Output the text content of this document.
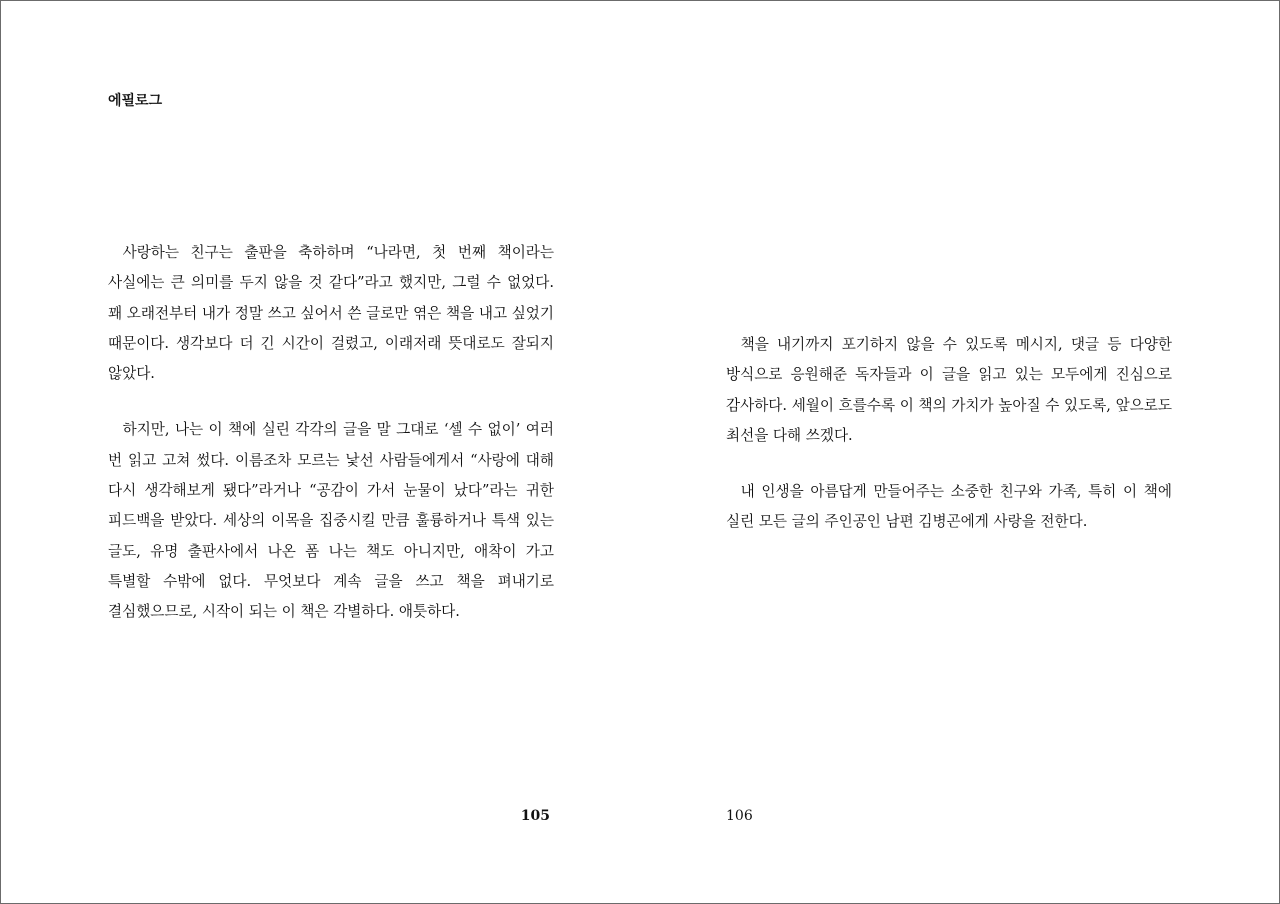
에필로그

사랑하는 친구는 출판을 축하하며 “나라면, 첫 번째 책이라는 사실에는 큰 의미를 두지 않을 것 같다”라고 했지만, 그럴 수 없었다. 꽤 오래전부터 내가 정말 쓰고 싶어서 쓴 글로만 엮은 책을 내고 싶었기 때문이다. 생각보다 더 긴 시간이 걸렸고, 이래저래 뜻대로도 잘되지 않았다.

하지만, 나는 이 책에 실린 각각의 글을 말 그대로 ‘셀 수 없이’ 여러 번 읽고 고쳐 썼다. 이름조차 모르는 낯선 사람들에게서 “사랑에 대해 다시 생각해보게 됐다”라거나 “공감이 가서 눈물이 났다”라는 귀한 피드백을 받았다. 세상의 이목을 집중시킬 만큼 훌륭하거나 특색 있는 글도, 유명 출판사에서 나온 폼 나는 책도 아니지만, 애착이 가고 특별할 수밖에 없다. 무엇보다 계속 글을 쓰고 책을 펴내기로 결심했으므로, 시작이 되는 이 책은 각별하다. 애틋하다.

105

책을 내기까지 포기하지 않을 수 있도록 메시지, 댓글 등 다양한 방식으로 응원해준 독자들과 이 글을 읽고 있는 모두에게 진심으로 감사하다. 세월이 흐를수록 이 책의 가치가 높아질 수 있도록, 앞으로도 최선을 다해 쓰겠다.

내 인생을 아름답게 만들어주는 소중한 친구와 가족, 특히 이 책에 실린 모든 글의 주인공인 남편 김병곤에게 사랑을 전한다.

106
